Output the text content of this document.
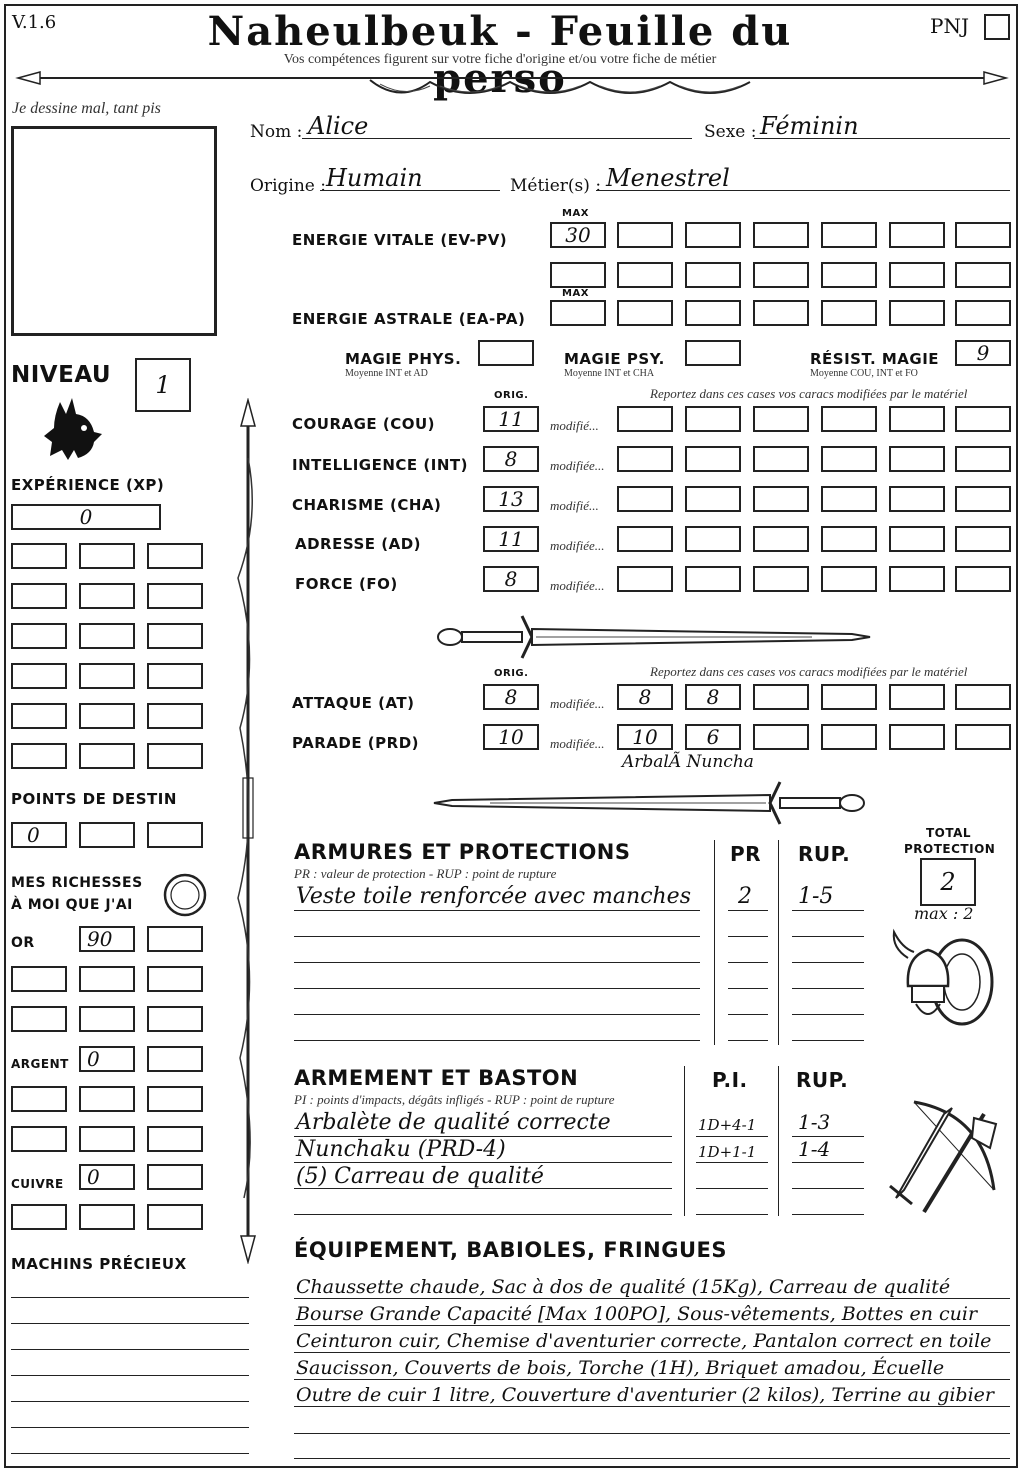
V.1.6	Naheulbeuk - Feuille du perso
Vos compétences figurent sur votre fiche d'origine et/ou votre fiche de métier
PNJ
Je dessine mal, tant pis
Nom : Alice	Sexe : Féminin
Origine : Humain	Métier(s) : Menestrel
MAX
ENERGIE VITALE (EV-PV)	30
MAX
ENERGIE ASTRALE (EA-PA)
MAGIE PHYS.
Moyenne INT et AD
MAGIE PSY.
Moyenne INT et CHA
RÉSIST. MAGIE
Moyenne COU, INT et FO
9
NIVEAU	1
EXPÉRIENCE (XP)
0
POINTS DE DESTIN
0
MES RICHESSES
À MOI QUE J'AI
OR	90
ARGENT 0
CUIVRE	0
MACHINS PRÉCIEUX
ORIG.	Reportez dans ces cases vos caracs modifiées par le matériel
COURAGE (COU)	11	modifié...
INTELLIGENCE (INT)	8	modifiée...
CHARISME (CHA)	13	modifié...
ADRESSE (AD)	11	modifiée...
FORCE (FO)	8	modifiée...
ORIG.	Reportez dans ces cases vos caracs modifiées par le matériel
ATTAQUE (AT)	8	modifiée...	8	8
PARADE (PRD)	10	modifiée...	10	6
ArbalÃ Nuncha
ARMURES ET PROTECTIONS
PR : valeur de protection - RUP : point de rupture
PR RUP.
Veste toile renforcée avec manches 2 1-5
TOTAL
PROTECTION
2
max : 2
ARMEMENT ET BASTON
PI : points d'impacts, dégâts infligés - RUP : point de rupture
P.I. RUP.
Arbalète de qualité correcte	1D+4-1 1-3
Nunchaku (PRD-4)	1D+1-1 1-4
(5) Carreau de qualité
ÉQUIPEMENT, BABIOLES, FRINGUES
Chaussette chaude, Sac à dos de qualité (15Kg), Carreau de qualité
Bourse Grande Capacité [Max 100PO], Sous-vêtements, Bottes en cuir
Ceinturon cuir, Chemise d'aventurier correcte, Pantalon correct en toile
Saucisson, Couverts de bois, Torche (1H), Briquet amadou, Écuelle
Outre de cuir 1 litre, Couverture d'aventurier (2 kilos), Terrine au gibier
